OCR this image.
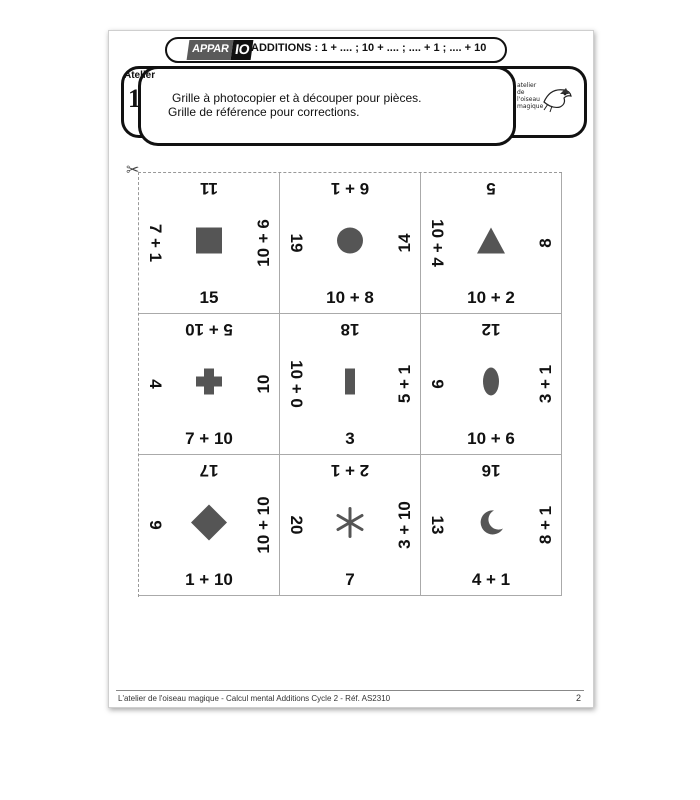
APPAR IO ADDITIONS : 1 + .... ; 10 + .... ; .... + 1 ; .... + 10
Atelier
1	Grille à photocopier et à découper pour pièces.
Grille de référence pour corrections.
atelier
de
l'oiseau
magique
✂
11
15
7 + 1	10 + 6
6 + 1
10 + 8
19	14
5
10 + 2
10 + 4	8
5 + 10
7 + 10
4	10
18
3
10 + 0	5 + 1
12
10 + 6
9	3 + 1
17
1 + 10
9	10 + 10
2 + 1
7
20	3 + 10
16
4 + 1
13	8 + 1
L'atelier de l'oiseau magique - Calcul mental Additions Cycle 2 - Réf. AS2310	2
